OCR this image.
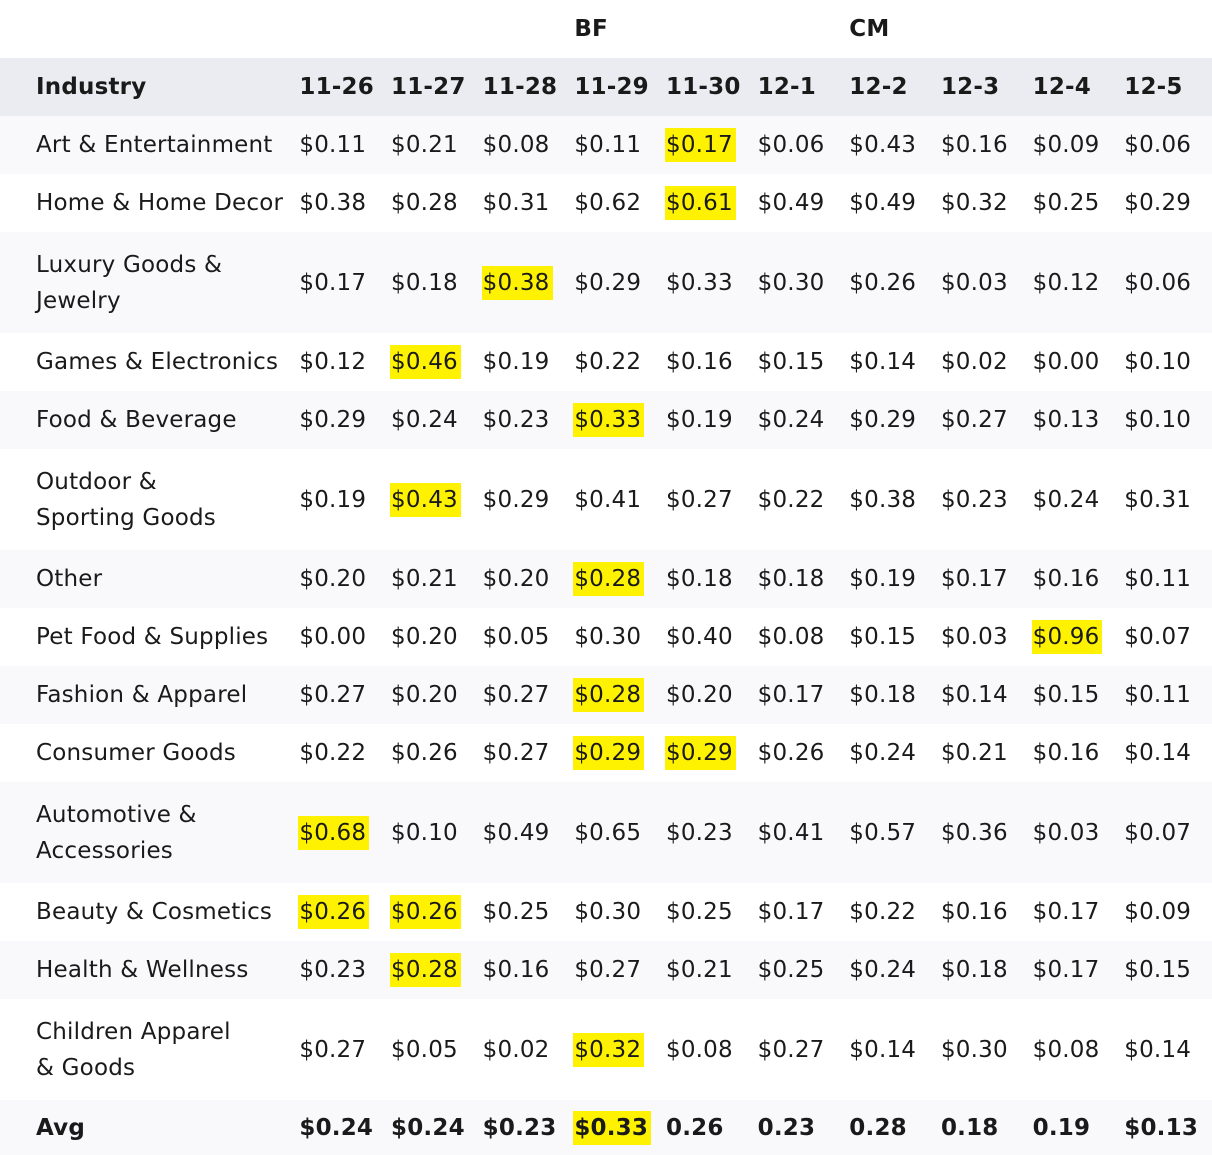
				BF			CM			
Industry	11-26	11-27	11-28	11-29	11-30	12-1	12-2	12-3	12-4	12-5
Art & Entertainment	$0.11	$0.21	$0.08	$0.11	$0.17	$0.06	$0.43	$0.16	$0.09	$0.06
Home & Home Decor	$0.38	$0.28	$0.31	$0.62	$0.61	$0.49	$0.49	$0.32	$0.25	$0.29
Luxury Goods & Jewelry	$0.17	$0.18	$0.38	$0.29	$0.33	$0.30	$0.26	$0.03	$0.12	$0.06
Games & Electronics	$0.12	$0.46	$0.19	$0.22	$0.16	$0.15	$0.14	$0.02	$0.00	$0.10
Food & Beverage	$0.29	$0.24	$0.23	$0.33	$0.19	$0.24	$0.29	$0.27	$0.13	$0.10
Outdoor & Sporting Goods	$0.19	$0.43	$0.29	$0.41	$0.27	$0.22	$0.38	$0.23	$0.24	$0.31
Other	$0.20	$0.21	$0.20	$0.28	$0.18	$0.18	$0.19	$0.17	$0.16	$0.11
Pet Food & Supplies	$0.00	$0.20	$0.05	$0.30	$0.40	$0.08	$0.15	$0.03	$0.96	$0.07
Fashion & Apparel	$0.27	$0.20	$0.27	$0.28	$0.20	$0.17	$0.18	$0.14	$0.15	$0.11
Consumer Goods	$0.22	$0.26	$0.27	$0.29	$0.29	$0.26	$0.24	$0.21	$0.16	$0.14
Automotive & Accessories	$0.68	$0.10	$0.49	$0.65	$0.23	$0.41	$0.57	$0.36	$0.03	$0.07
Beauty & Cosmetics	$0.26	$0.26	$0.25	$0.30	$0.25	$0.17	$0.22	$0.16	$0.17	$0.09
Health & Wellness	$0.23	$0.28	$0.16	$0.27	$0.21	$0.25	$0.24	$0.18	$0.17	$0.15
Children Apparel & Goods	$0.27	$0.05	$0.02	$0.32	$0.08	$0.27	$0.14	$0.30	$0.08	$0.14
Avg	$0.24	$0.24	$0.23	$0.33	0.26	0.23	0.28	0.18	0.19	$0.13
